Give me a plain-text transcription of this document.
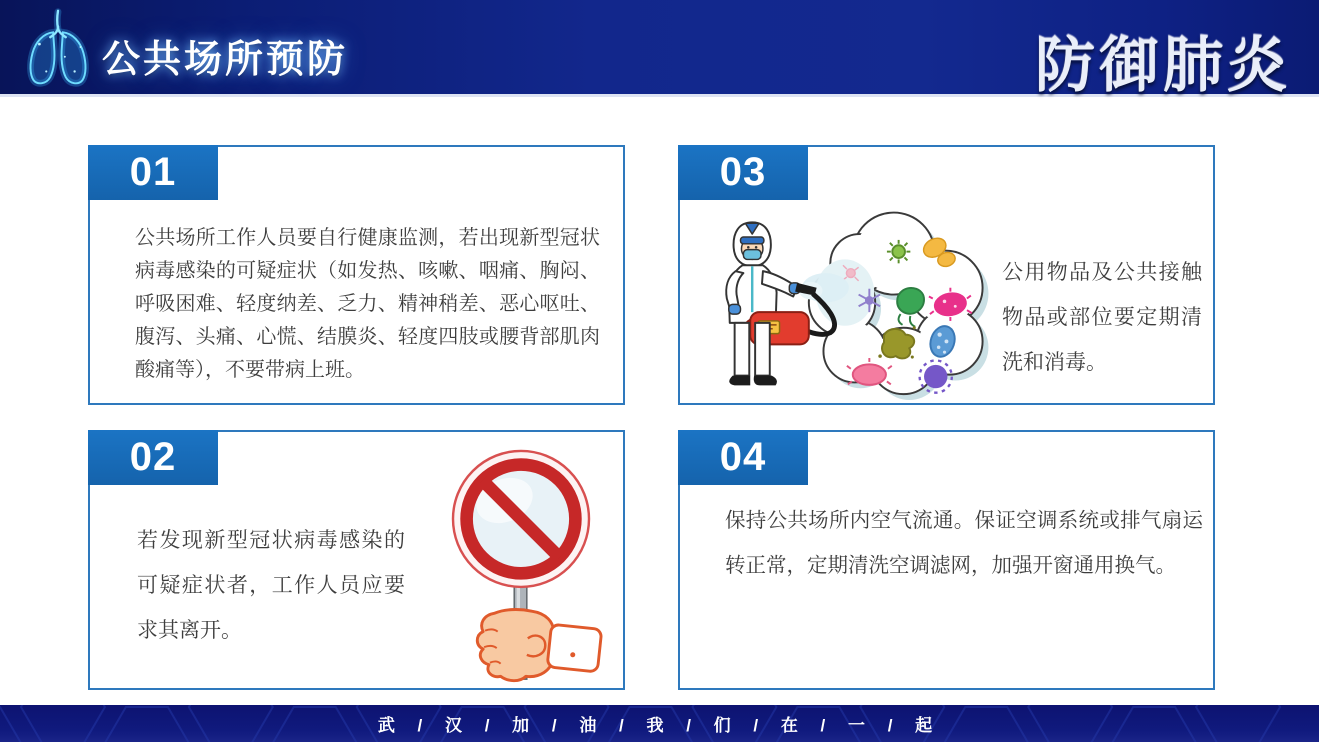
公共场所预防	防御肺炎
01
公共场所工作人员要自行健康监测，若出现新型冠状病毒感染的可疑症状（如发热、咳嗽、咽痛、胸闷、呼吸困难、轻度纳差、乏力、精神稍差、恶心呕吐、腹泻、头痛、心慌、结膜炎、轻度四肢或腰背部肌肉酸痛等），不要带病上班。
03
公用物品及公共接触物品或部位要定期清洗和消毒。
02
若发现新型冠状病毒感染的可疑症状者，工作人员应要求其离开。
04
保持公共场所内空气流通。保证空调系统或排气扇运转正常，定期清洗空调滤网，加强开窗通用换气。
武 / 汉 / 加 / 油 / 我 / 们 / 在 / 一 / 起
